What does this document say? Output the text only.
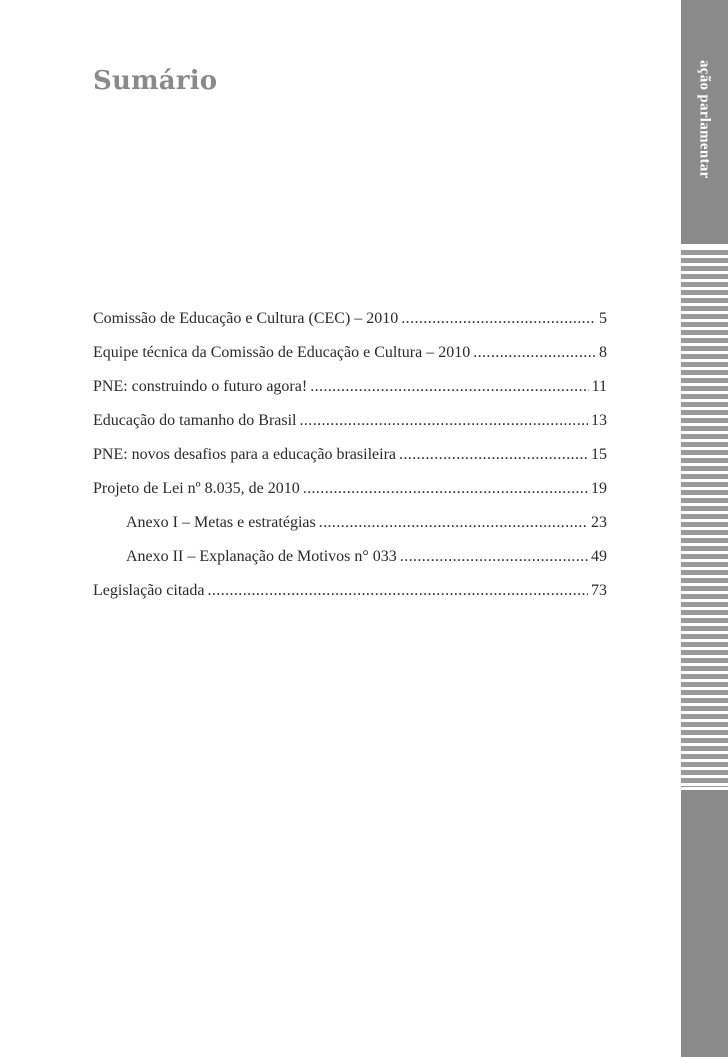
Sumário
Comissão de Educação e Cultura (CEC) – 2010 .....	5
Equipe técnica da Comissão de Educação e Cultura – 2010 .....	8
PNE: construindo o futuro agora! .....	11
Educação do tamanho do Brasil .....	13
PNE: novos desafios para a educação brasileira .....	15
Projeto de Lei nº 8.035, de 2010 .....	19
Anexo I – Metas e estratégias .....	23
Anexo II – Explanação de Motivos n° 033 .....	49
Legislação citada .....	73
ação parlamentar
